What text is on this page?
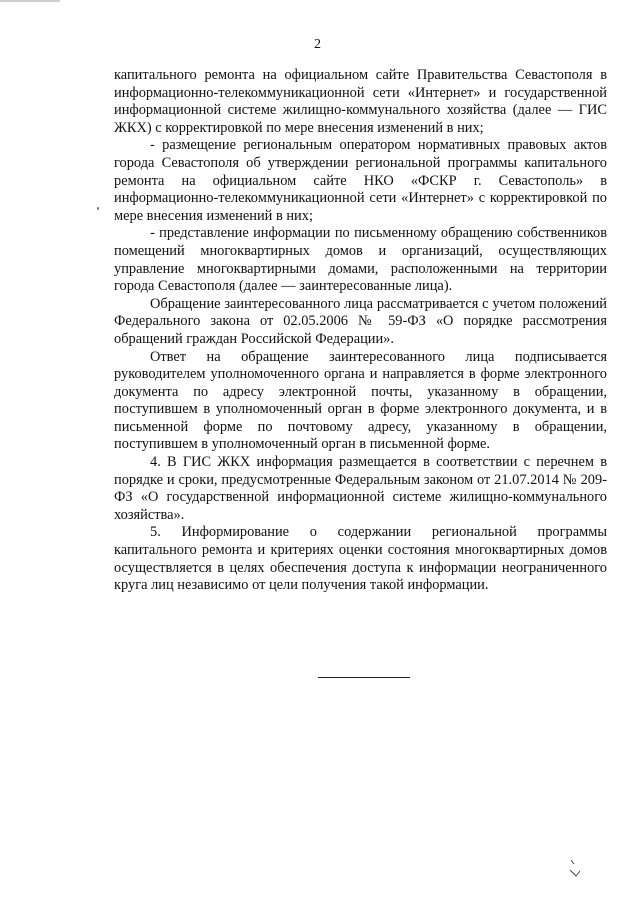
2

капитального ремонта на официальном сайте Правительства Севастополя в информационно-телекоммуникационной сети «Интернет» и государственной информационной системе жилищно-коммунального хозяйства (далее — ГИС ЖКХ) с корректировкой по мере внесения изменений в них;

- размещение региональным оператором нормативных правовых актов города Севастополя об утверждении региональной программы капитального ремонта на официальном сайте НКО «ФСКР г. Севастополь» в информационно-телекоммуникационной сети «Интернет» с корректировкой по мере внесения изменений в них;

- представление информации по письменному обращению собственников помещений многоквартирных домов и организаций, осуществляющих управление многоквартирными домами, расположенными на территории города Севастополя (далее — заинтересованные лица).

Обращение заинтересованного лица рассматривается с учетом положений Федерального закона от 02.05.2006 № 59-ФЗ «О порядке рассмотрения обращений граждан Российской Федерации».

Ответ на обращение заинтересованного лица подписывается руководителем уполномоченного органа и направляется в форме электронного документа по адресу электронной почты, указанному в обращении, поступившем в уполномоченный орган в форме электронного документа, и в письменной форме по почтовому адресу, указанному в обращении, поступившем в уполномоченный орган в письменной форме.

4. В ГИС ЖКХ информация размещается в соответствии с перечнем в порядке и сроки, предусмотренные Федеральным законом от 21.07.2014 № 209-ФЗ «О государственной информационной системе жилищно-коммунального хозяйства».

5. Информирование о содержании региональной программы капитального ремонта и критериях оценки состояния многоквартирных домов осуществляется в целях обеспечения доступа к информации неограниченного круга лиц независимо от цели получения такой информации.
